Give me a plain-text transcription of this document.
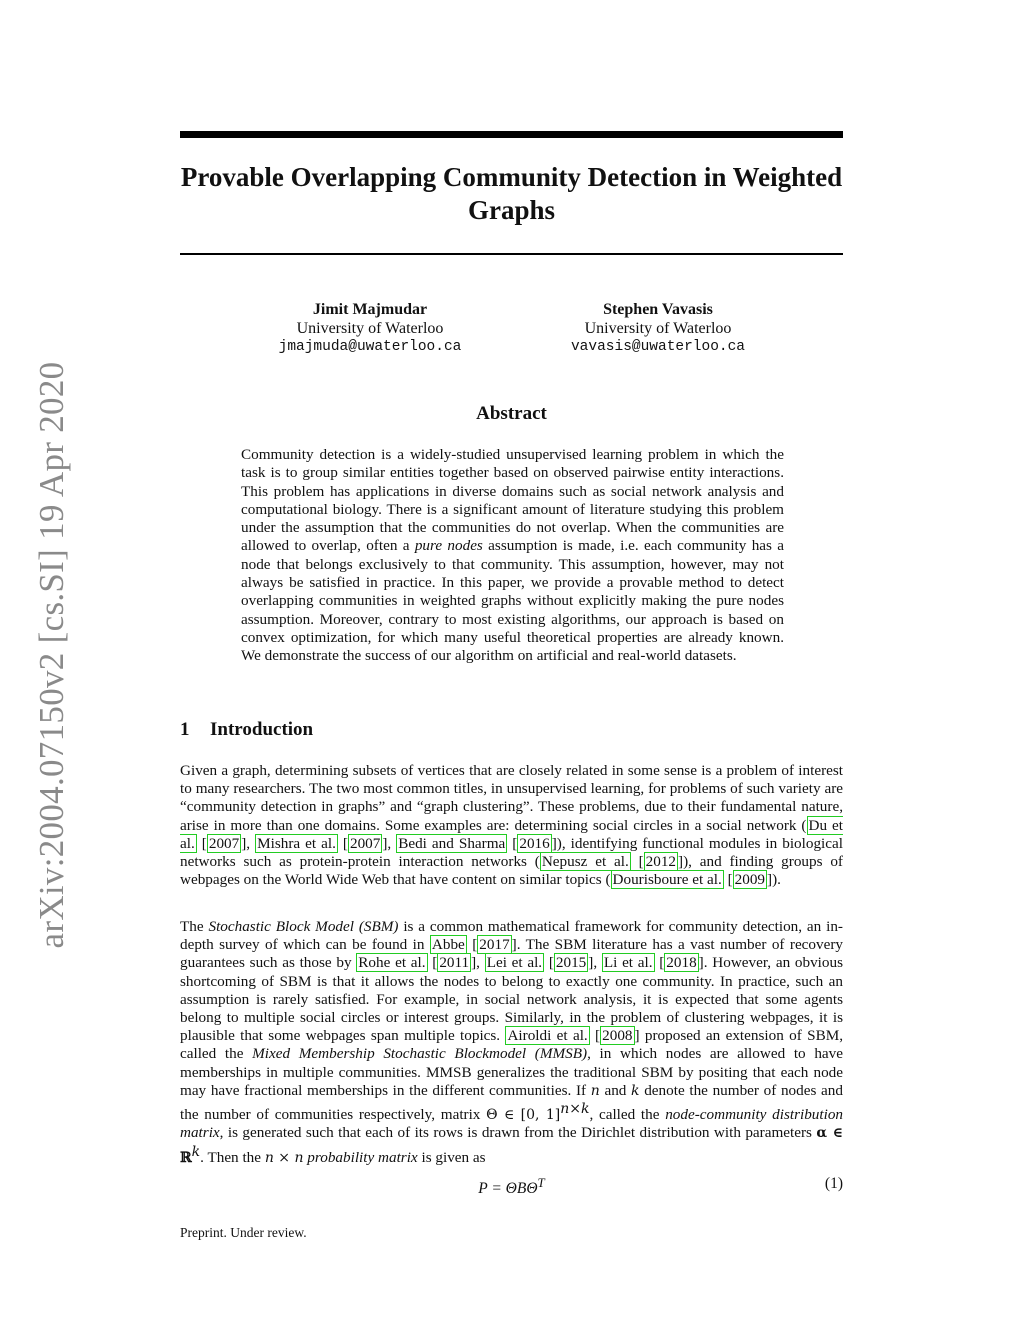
arXiv:2004.07150v2 [cs.SI] 19 Apr 2020
Provable Overlapping Community Detection in Weighted Graphs
Jimit Majmudar
University of Waterloo
jmajmuda@uwaterloo.ca
Stephen Vavasis
University of Waterloo
vavasis@uwaterloo.ca
Abstract

Community detection is a widely-studied unsupervised learning problem in which the task is to group similar entities together based on observed pairwise entity interactions. This problem has applications in diverse domains such as social network analysis and computational biology. There is a significant amount of literature studying this problem under the assumption that the communities do not overlap. When the communities are allowed to overlap, often a pure nodes assumption is made, i.e. each community has a node that belongs exclusively to that community. This assumption, however, may not always be satisfied in practice. In this paper, we provide a provable method to detect overlapping communities in weighted graphs without explicitly making the pure nodes assumption. Moreover, contrary to most existing algorithms, our approach is based on convex optimization, for which many useful theoretical properties are already known. We demonstrate the success of our algorithm on artificial and real-world datasets.

1 Introduction

Given a graph, determining subsets of vertices that are closely related in some sense is a problem of interest to many researchers. The two most common titles, in unsupervised learning, for problems of such variety are “community detection in graphs” and “graph clustering”. These problems, due to their fundamental nature, arise in more than one domains. Some examples are: determining social circles in a social network ( Du et al. [ 2007 ], Mishra et al. [ 2007 ], Bedi and Sharma [ 2016 ]), identifying functional modules in biological networks such as protein-protein interaction networks ( Nepusz et al. [ 2012 ]), and finding groups of webpages on the World Wide Web that have content on similar topics ( Dourisboure et al. [ 2009 ]).

The Stochastic Block Model (SBM) is a common mathematical framework for community detection, an in-depth survey of which can be found in Abbe [ 2017 ]. The SBM literature has a vast number of recovery guarantees such as those by Rohe et al. [ 2011 ], Lei et al. [ 2015 ], Li et al. [ 2018 ]. However, an obvious shortcoming of SBM is that it allows the nodes to belong to exactly one community. In practice, such an assumption is rarely satisfied. For example, in social network analysis, it is expected that some agents belong to multiple social circles or interest groups. Similarly, in the problem of clustering webpages, it is plausible that some webpages span multiple topics. Airoldi et al. [ 2008 ] proposed an extension of SBM, called the Mixed Membership Stochastic Blockmodel (MMSB), in which nodes are allowed to have memberships in multiple communities. MMSB generalizes the traditional SBM by positing that each node may have fractional memberships in the different communities. If n and k denote the number of nodes and the number of communities respectively, matrix Θ ∈ [0, 1]$^{n\times k}$, called the node-community distribution matrix, is generated such that each of its rows is drawn from the Dirichlet distribution with parameters α ∈ ℝ$^k$. Then the n × n probability matrix is given as

$P = \Theta B\Theta^T$	(1)

Preprint. Under review.
